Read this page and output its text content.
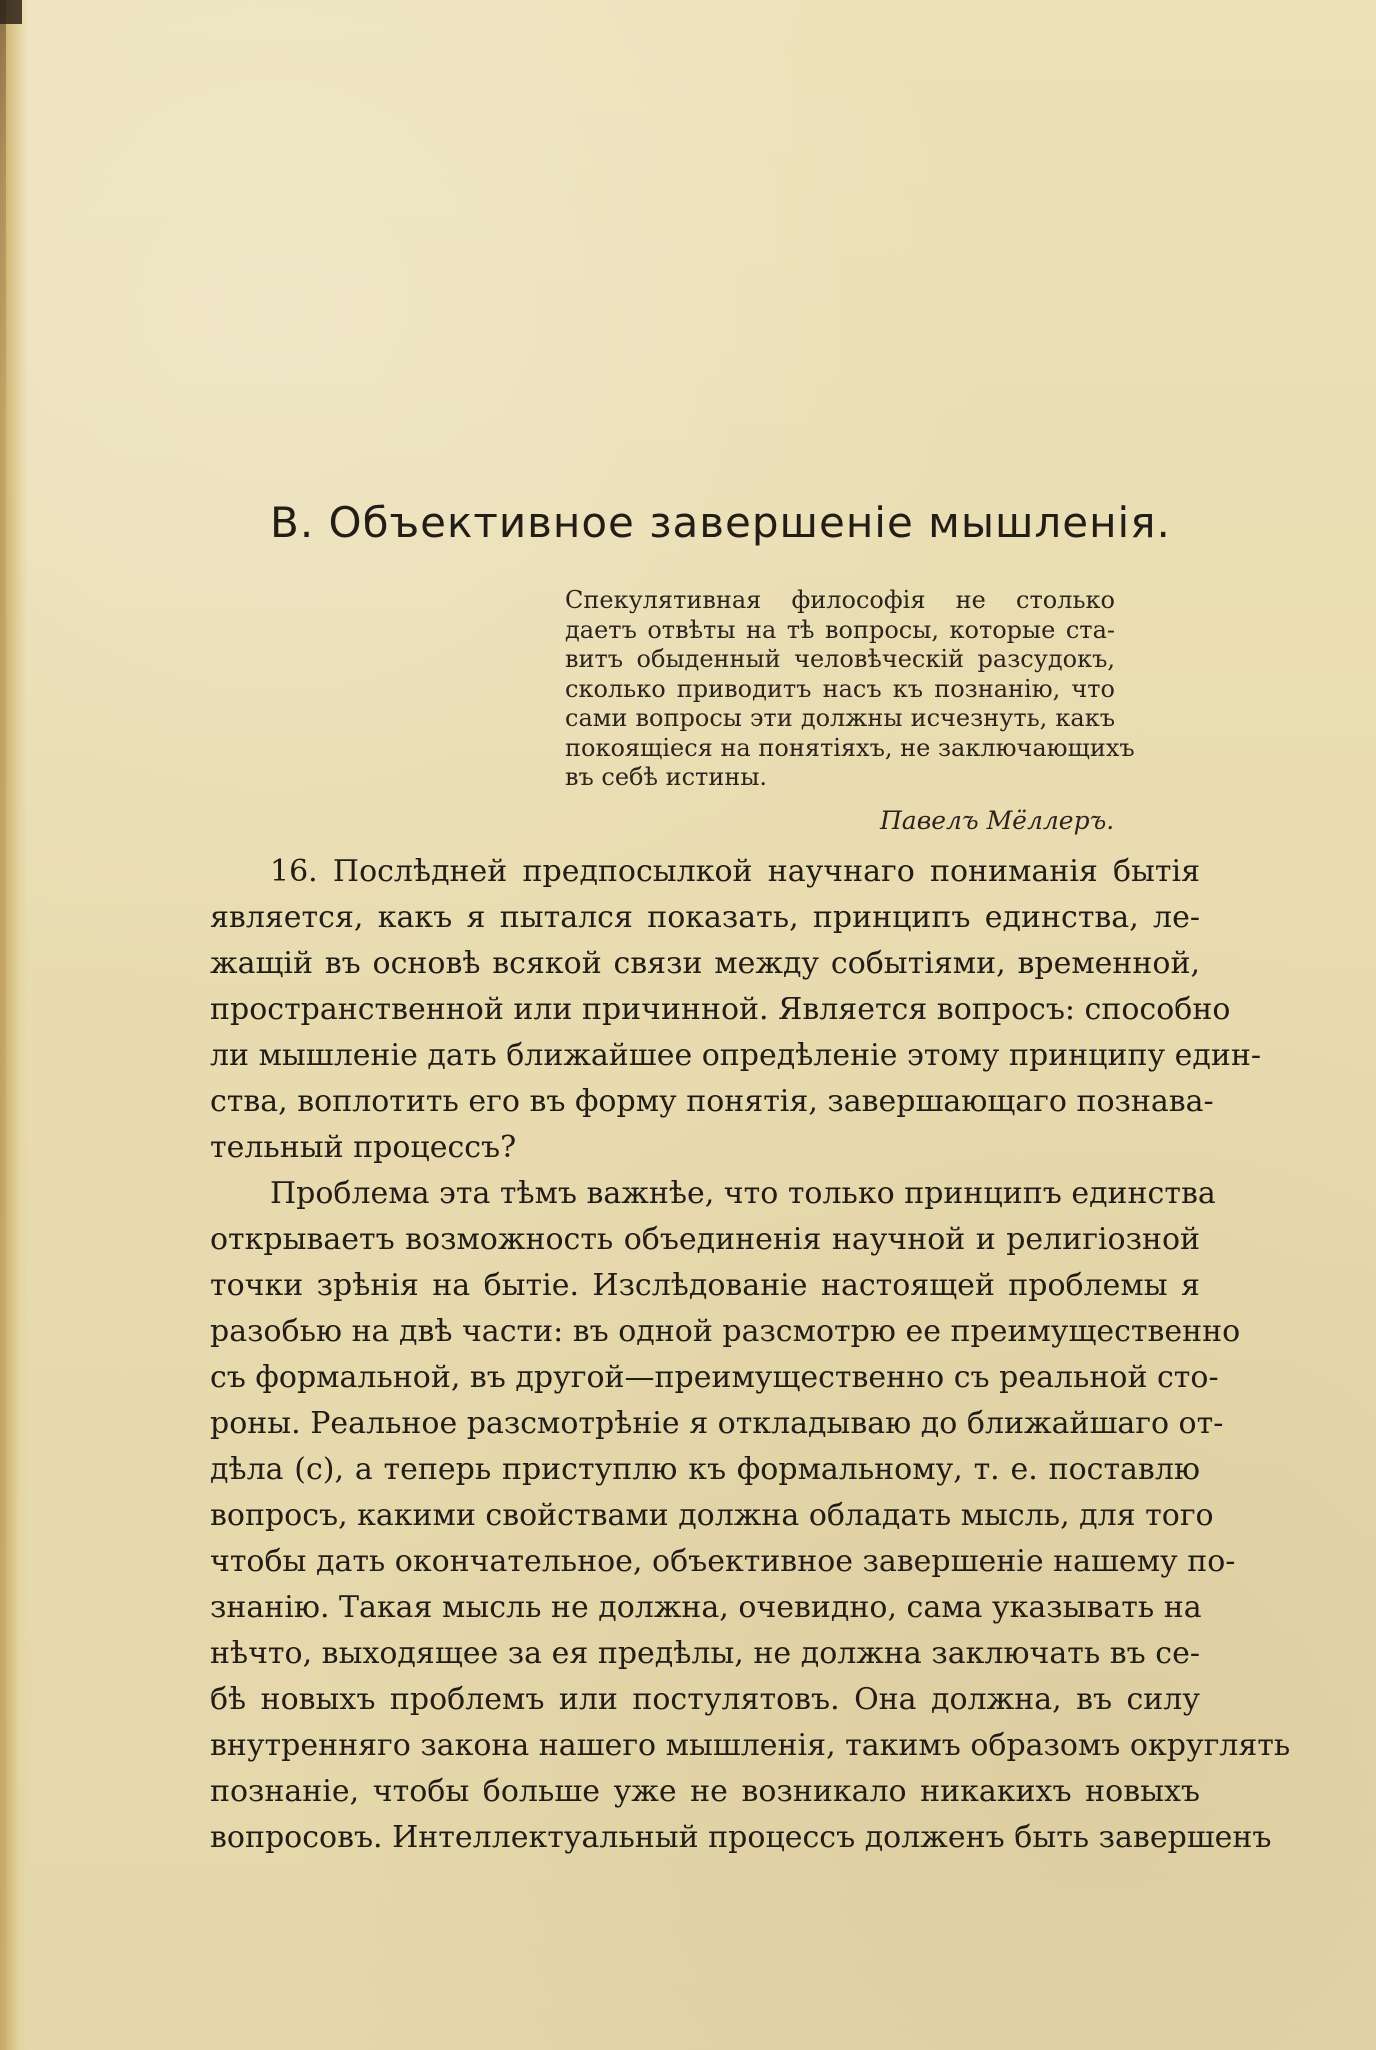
B. Объективное завершеніе мышленія.
Спекулятивная философія не столько
даетъ отвѣты на тѣ вопросы, которые ста-
витъ обыденный человѣческій разсудокъ,
сколько приводитъ насъ къ познанію, что
сами вопросы эти должны исчезнуть, какъ
покоящіеся на понятіяхъ, не заключающихъ
въ себѣ истины.
Павелъ Мёллеръ.
16. Послѣдней предпосылкой научнаго пониманія бытія
является, какъ я пытался показать, принципъ единства, ле-
жащій въ основѣ всякой связи между событіями, временной,
пространственной или причинной. Является вопросъ: способно
ли мышленіе дать ближайшее опредѣленіе этому принципу един-
ства, воплотить его въ форму понятія, завершающаго познава-
тельный процессъ?
Проблема эта тѣмъ важнѣе, что только принципъ единства
открываетъ возможность объединенія научной и религіозной
точки зрѣнія на бытіе. Изслѣдованіе настоящей проблемы я
разобью на двѣ части: въ одной разсмотрю ее преимущественно
съ формальной, въ другой—преимущественно съ реальной сто-
роны. Реальное разсмотрѣніе я откладываю до ближайшаго от-
дѣла (с), а теперь приступлю къ формальному, т. е. поставлю
вопросъ, какими свойствами должна обладать мысль, для того
чтобы дать окончательное, объективное завершеніе нашему по-
знанію. Такая мысль не должна, очевидно, сама указывать на
нѣчто, выходящее за ея предѣлы, не должна заключать въ се-
бѣ новыхъ проблемъ или постулятовъ. Она должна, въ силу
внутренняго закона нашего мышленія, такимъ образомъ округлять
познаніе, чтобы больше уже не возникало никакихъ новыхъ
вопросовъ. Интеллектуальный процессъ долженъ быть завершенъ
